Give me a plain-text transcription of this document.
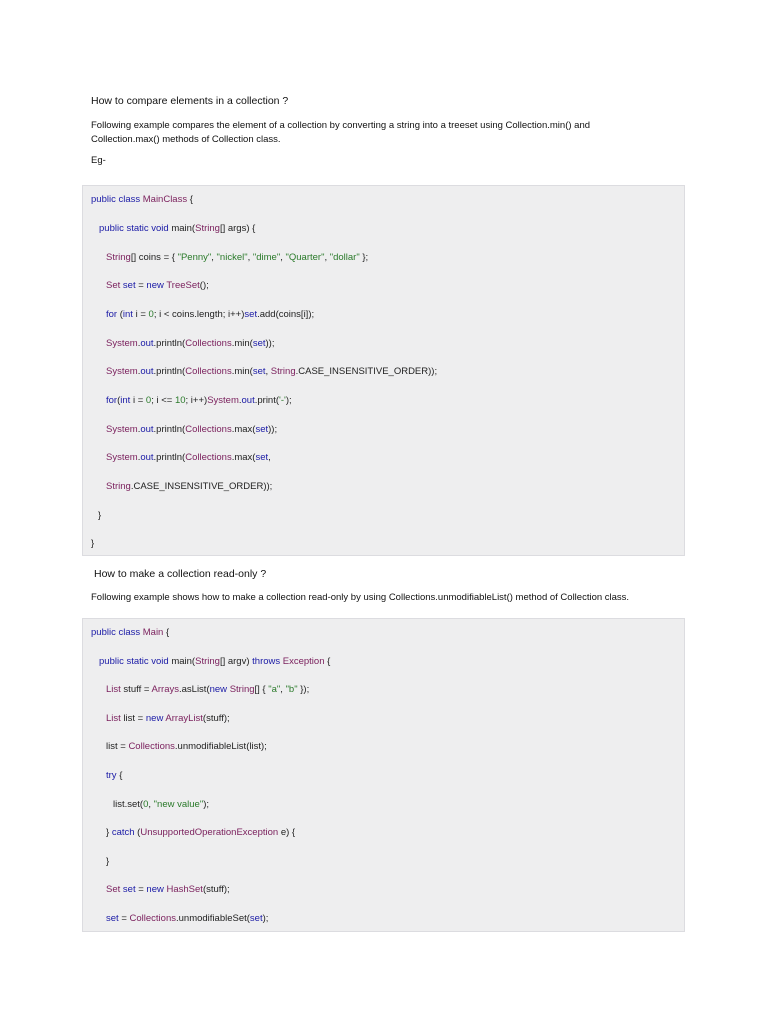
How to compare elements in a collection ?

Following example compares the element of a collection by converting a string into a treeset using Collection.min() and Collection.max() methods of Collection class.

Eg-

public class MainClass {
public static void main(String[] args) {
String[] coins = { "Penny", "nickel", "dime", "Quarter", "dollar" };
Set set = new TreeSet();
for (int i = 0; i < coins.length; i++)set.add(coins[i]);
System.out.println(Collections.min(set));
System.out.println(Collections.min(set, String.CASE_INSENSITIVE_ORDER));
for(int i = 0; i <= 10; i++)System.out.print('-');
System.out.println(Collections.max(set));
System.out.println(Collections.max(set,
String.CASE_INSENSITIVE_ORDER));
}
}
How to make a collection read-only ?

Following example shows how to make a collection read-only by using Collections.unmodifiableList() method of Collection class.

public class Main {
public static void main(String[] argv) throws Exception {
List stuff = Arrays.asList(new String[] { "a", "b" });
List list = new ArrayList(stuff);
list = Collections.unmodifiableList(list);
try {
list.set(0, "new value");
} catch (UnsupportedOperationException e) {
}
Set set = new HashSet(stuff);
set = Collections.unmodifiableSet(set);
